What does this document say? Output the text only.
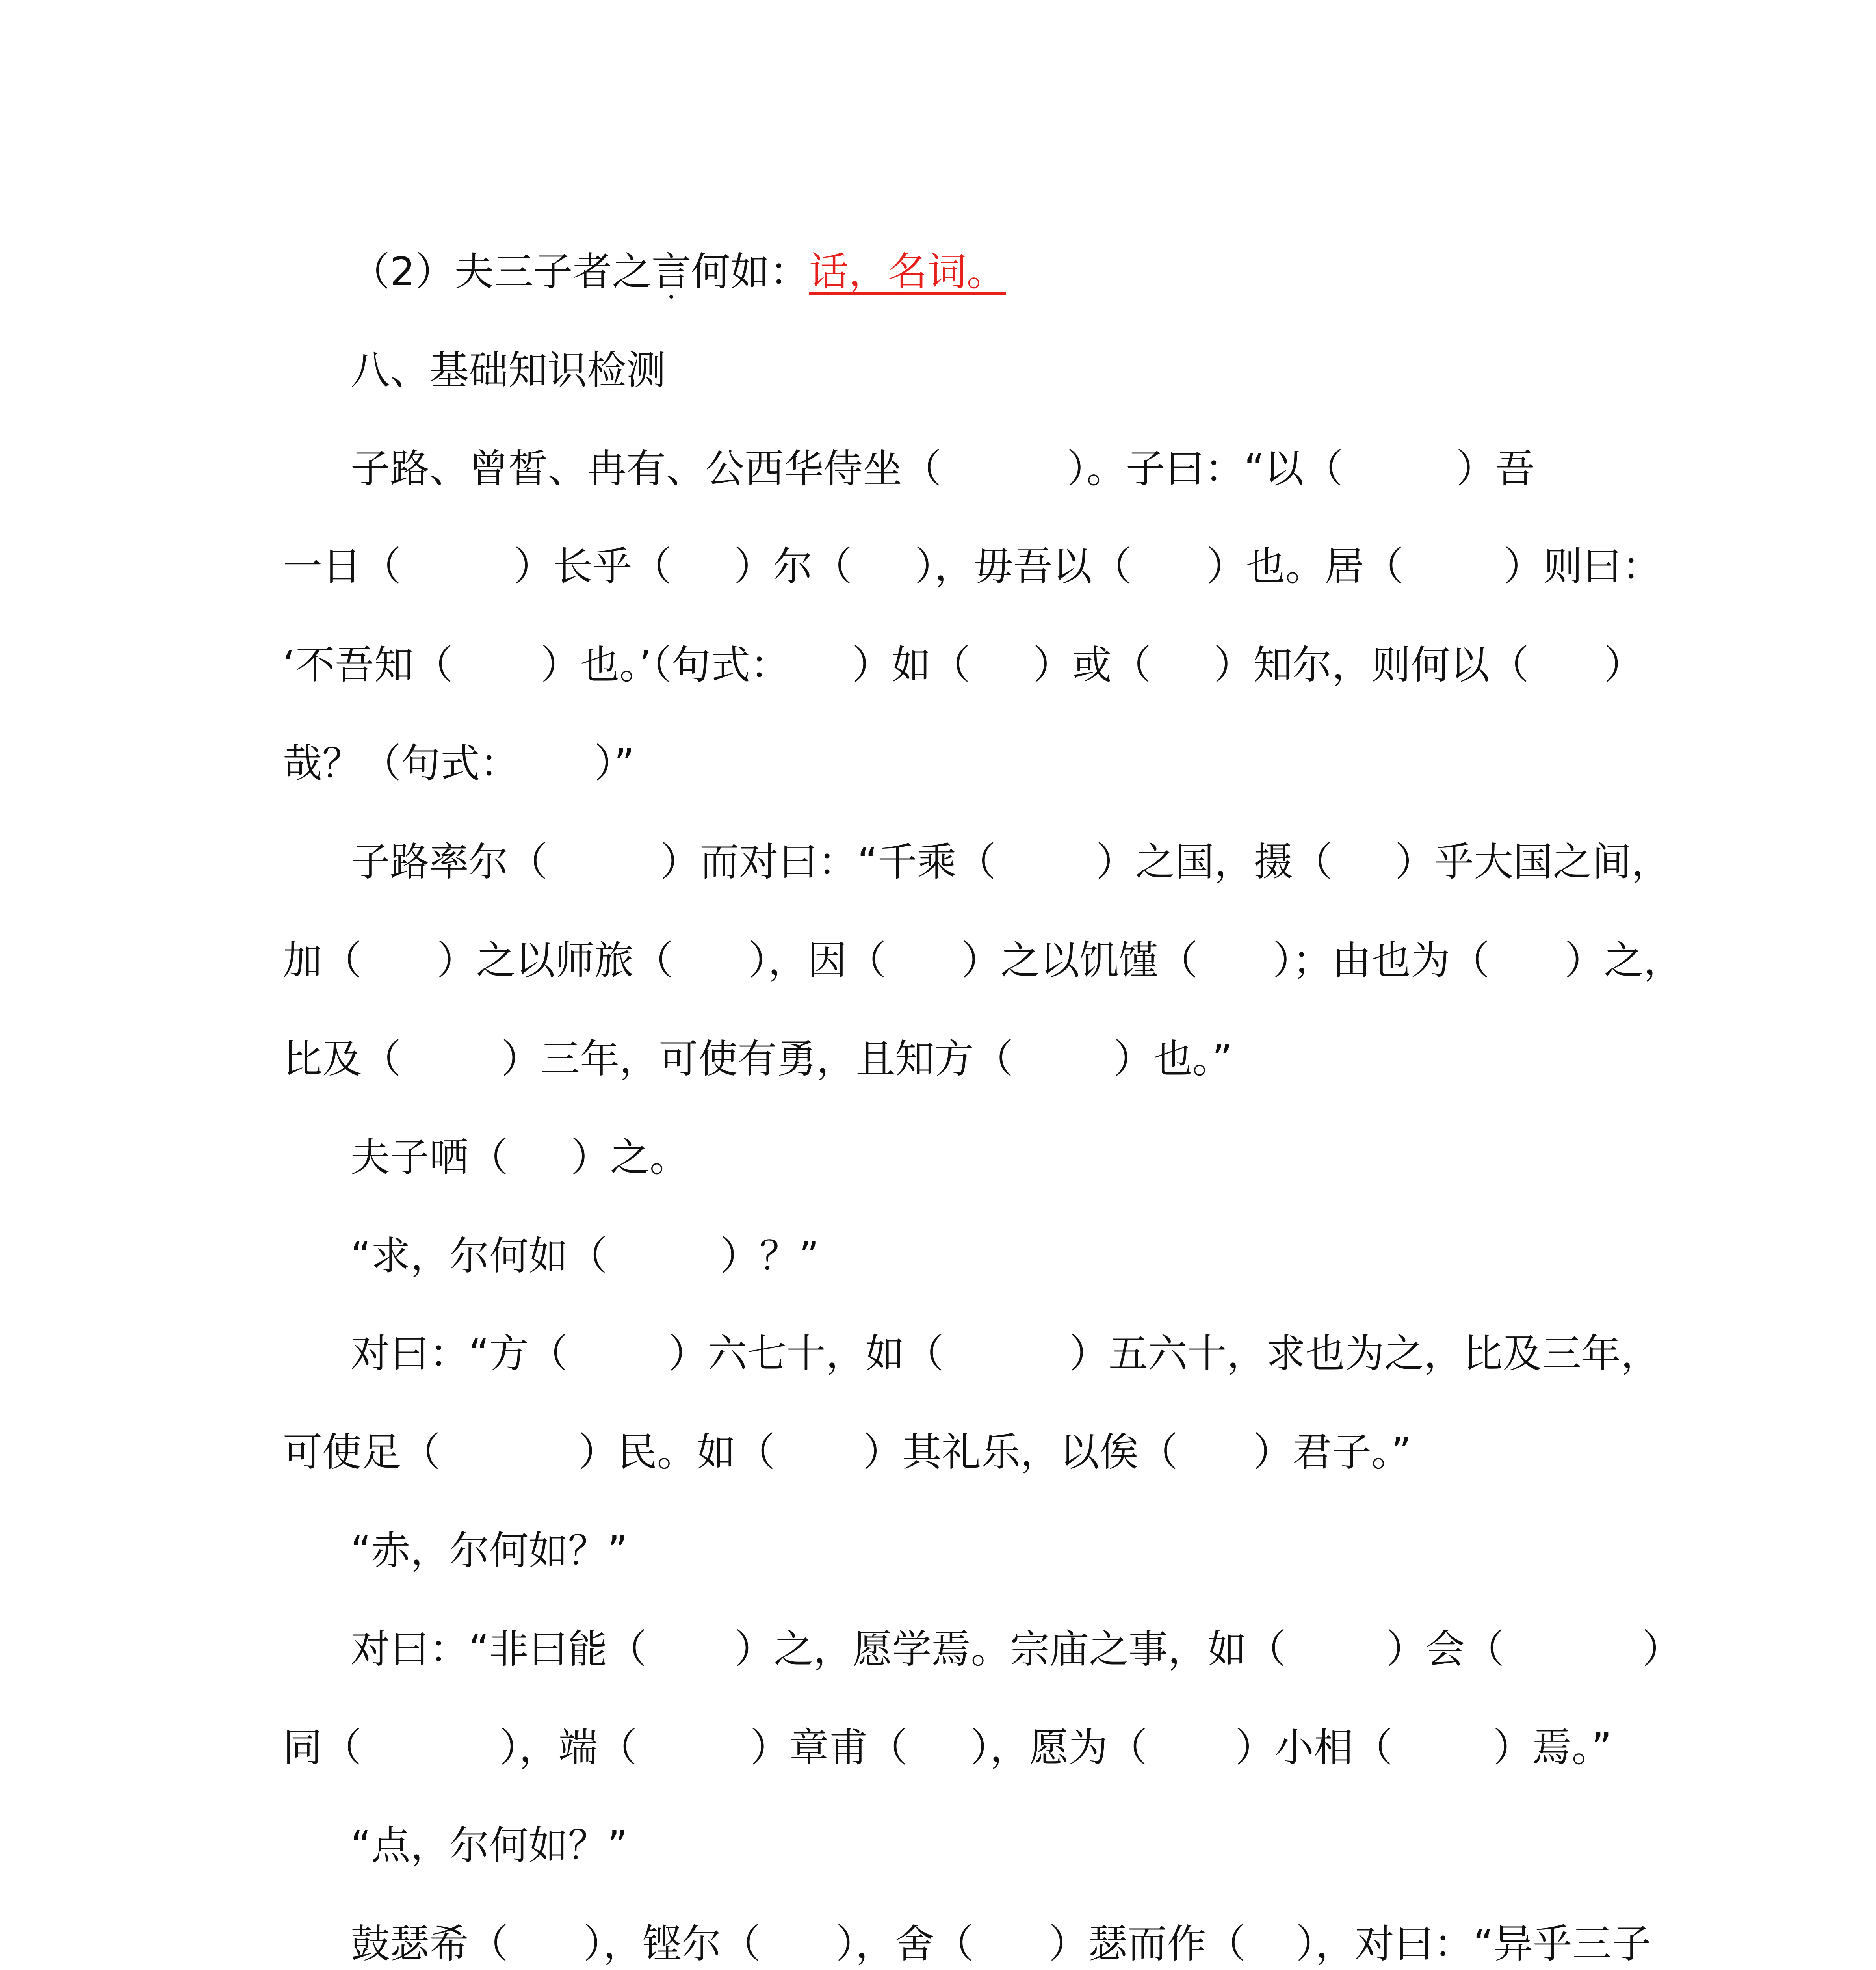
（2）夫三子者之言何如：话，名词。
八、基础知识检测
子路、曾皙、冉有、公西华侍坐（          ）。子曰：“以（         ）吾
一日（         ）长乎（     ）尔（     ），毋吾以（      ）也。居（        ）则曰：
‘不吾知（       ）也。’（句式：     ）如（     ）或（     ）知尔，则何以（      ）
哉？（句式：      ）”
子路率尔（         ）而对曰：“千乘（        ）之国，摄（     ）乎大国之间，
加（      ）之以师旅（      ），因（      ）之以饥馑（      ）；由也为（      ）之，
比及（        ）三年，可使有勇，且知方（        ）也。”
夫子哂（     ）之。
“求，尔何如（         ）？”
对曰：“方（        ）六七十，如（          ）五六十，求也为之，比及三年，
可使足（           ）民。如（       ）其礼乐，以俟（      ）君子。”
“赤，尔何如？”
对曰：“非曰能（       ）之，愿学焉。宗庙之事，如（        ）会（           ）
同（           ），端（         ）章甫（     ），愿为（       ）小相（        ）焉。”
“点，尔何如？”
鼓瑟希（      ），铿尔（      ），舍（      ）瑟而作（    ），对曰：“异乎三子
